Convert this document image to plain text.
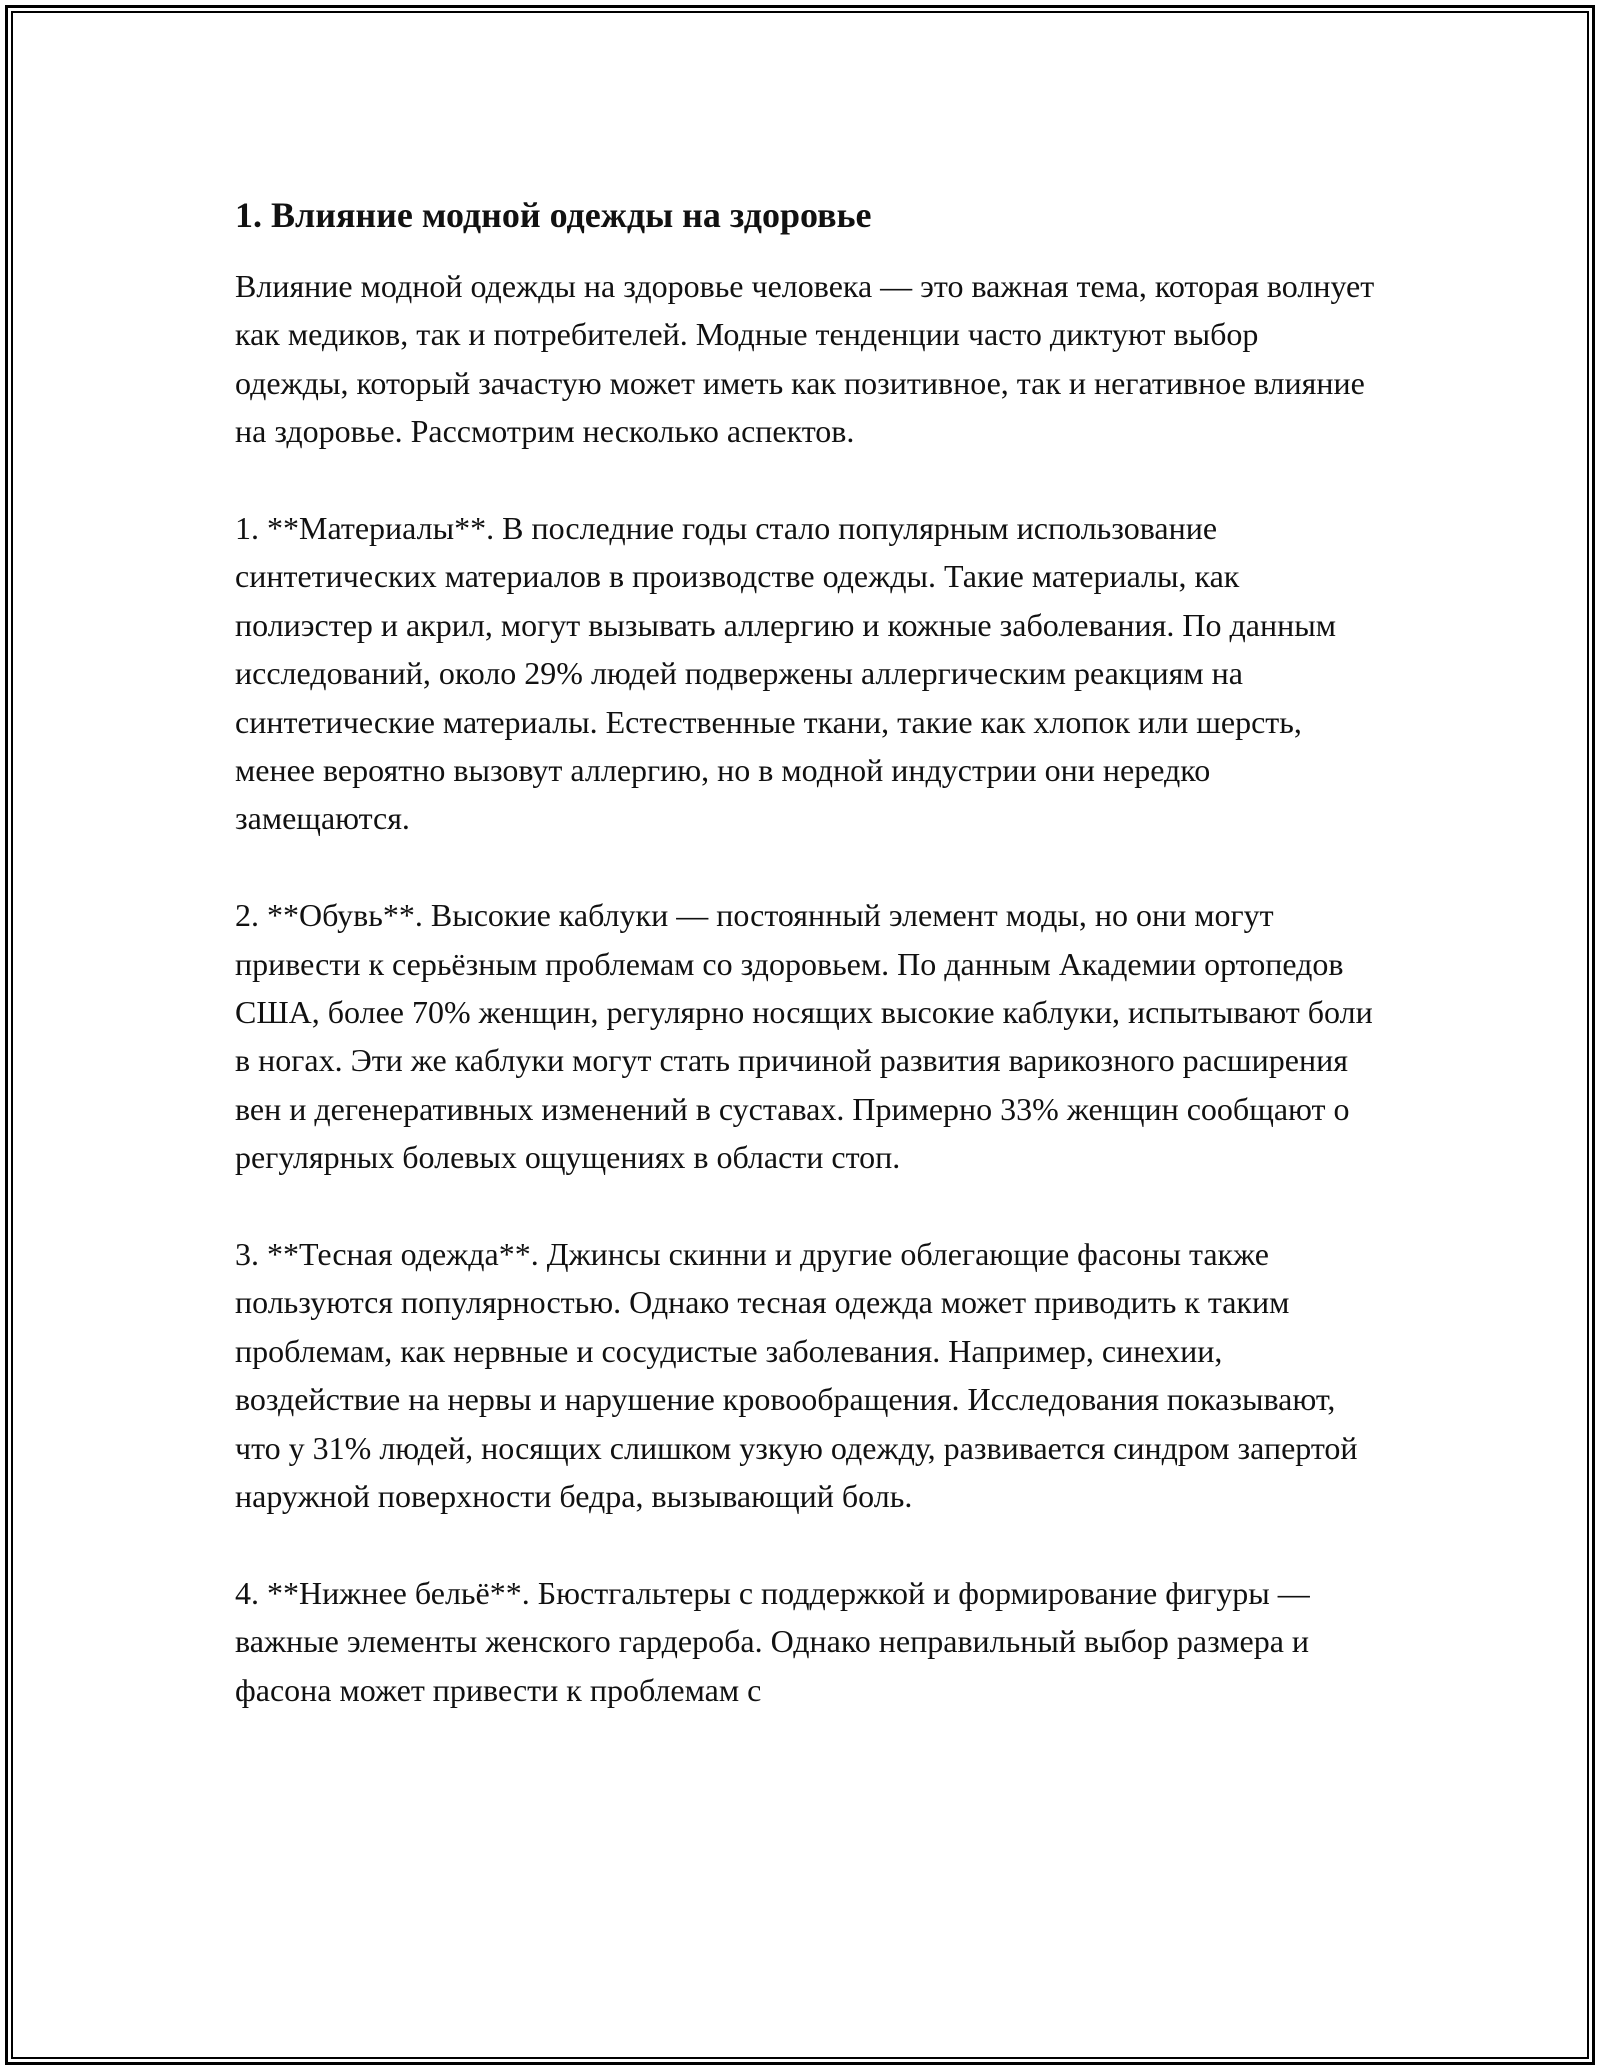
1. Влияние модной одежды на здоровье

Влияние модной одежды на здоровье человека — это важная тема, которая волнует как медиков, так и потребителей. Модные тенденции часто диктуют выбор одежды, который зачастую может иметь как позитивное, так и негативное влияние на здоровье. Рассмотрим несколько аспектов.

1. **Материалы**. В последние годы стало популярным использование синтетических материалов в производстве одежды. Такие материалы, как полиэстер и акрил, могут вызывать аллергию и кожные заболевания. По данным исследований, около 29% людей подвержены аллергическим реакциям на синтетические материалы. Естественные ткани, такие как хлопок или шерсть, менее вероятно вызовут аллергию, но в модной индустрии они нередко замещаются.

2. **Обувь**. Высокие каблуки — постоянный элемент моды, но они могут привести к серьёзным проблемам со здоровьем. По данным Академии ортопедов США, более 70% женщин, регулярно носящих высокие каблуки, испытывают боли в ногах. Эти же каблуки могут стать причиной развития варикозного расширения вен и дегенеративных изменений в суставах. Примерно 33% женщин сообщают о регулярных болевых ощущениях в области стоп.

3. **Тесная одежда**. Джинсы скинни и другие облегающие фасоны также пользуются популярностью. Однако тесная одежда может приводить к таким проблемам, как нервные и сосудистые заболевания. Например, синехии, воздействие на нервы и нарушение кровообращения. Исследования показывают, что у 31% людей, носящих слишком узкую одежду, развивается синдром запертой наружной поверхности бедра, вызывающий боль.

4. **Нижнее бельё**. Бюстгальтеры с поддержкой и формирование фигуры — важные элементы женского гардероба. Однако неправильный выбор размера и фасона может привести к проблемам с
